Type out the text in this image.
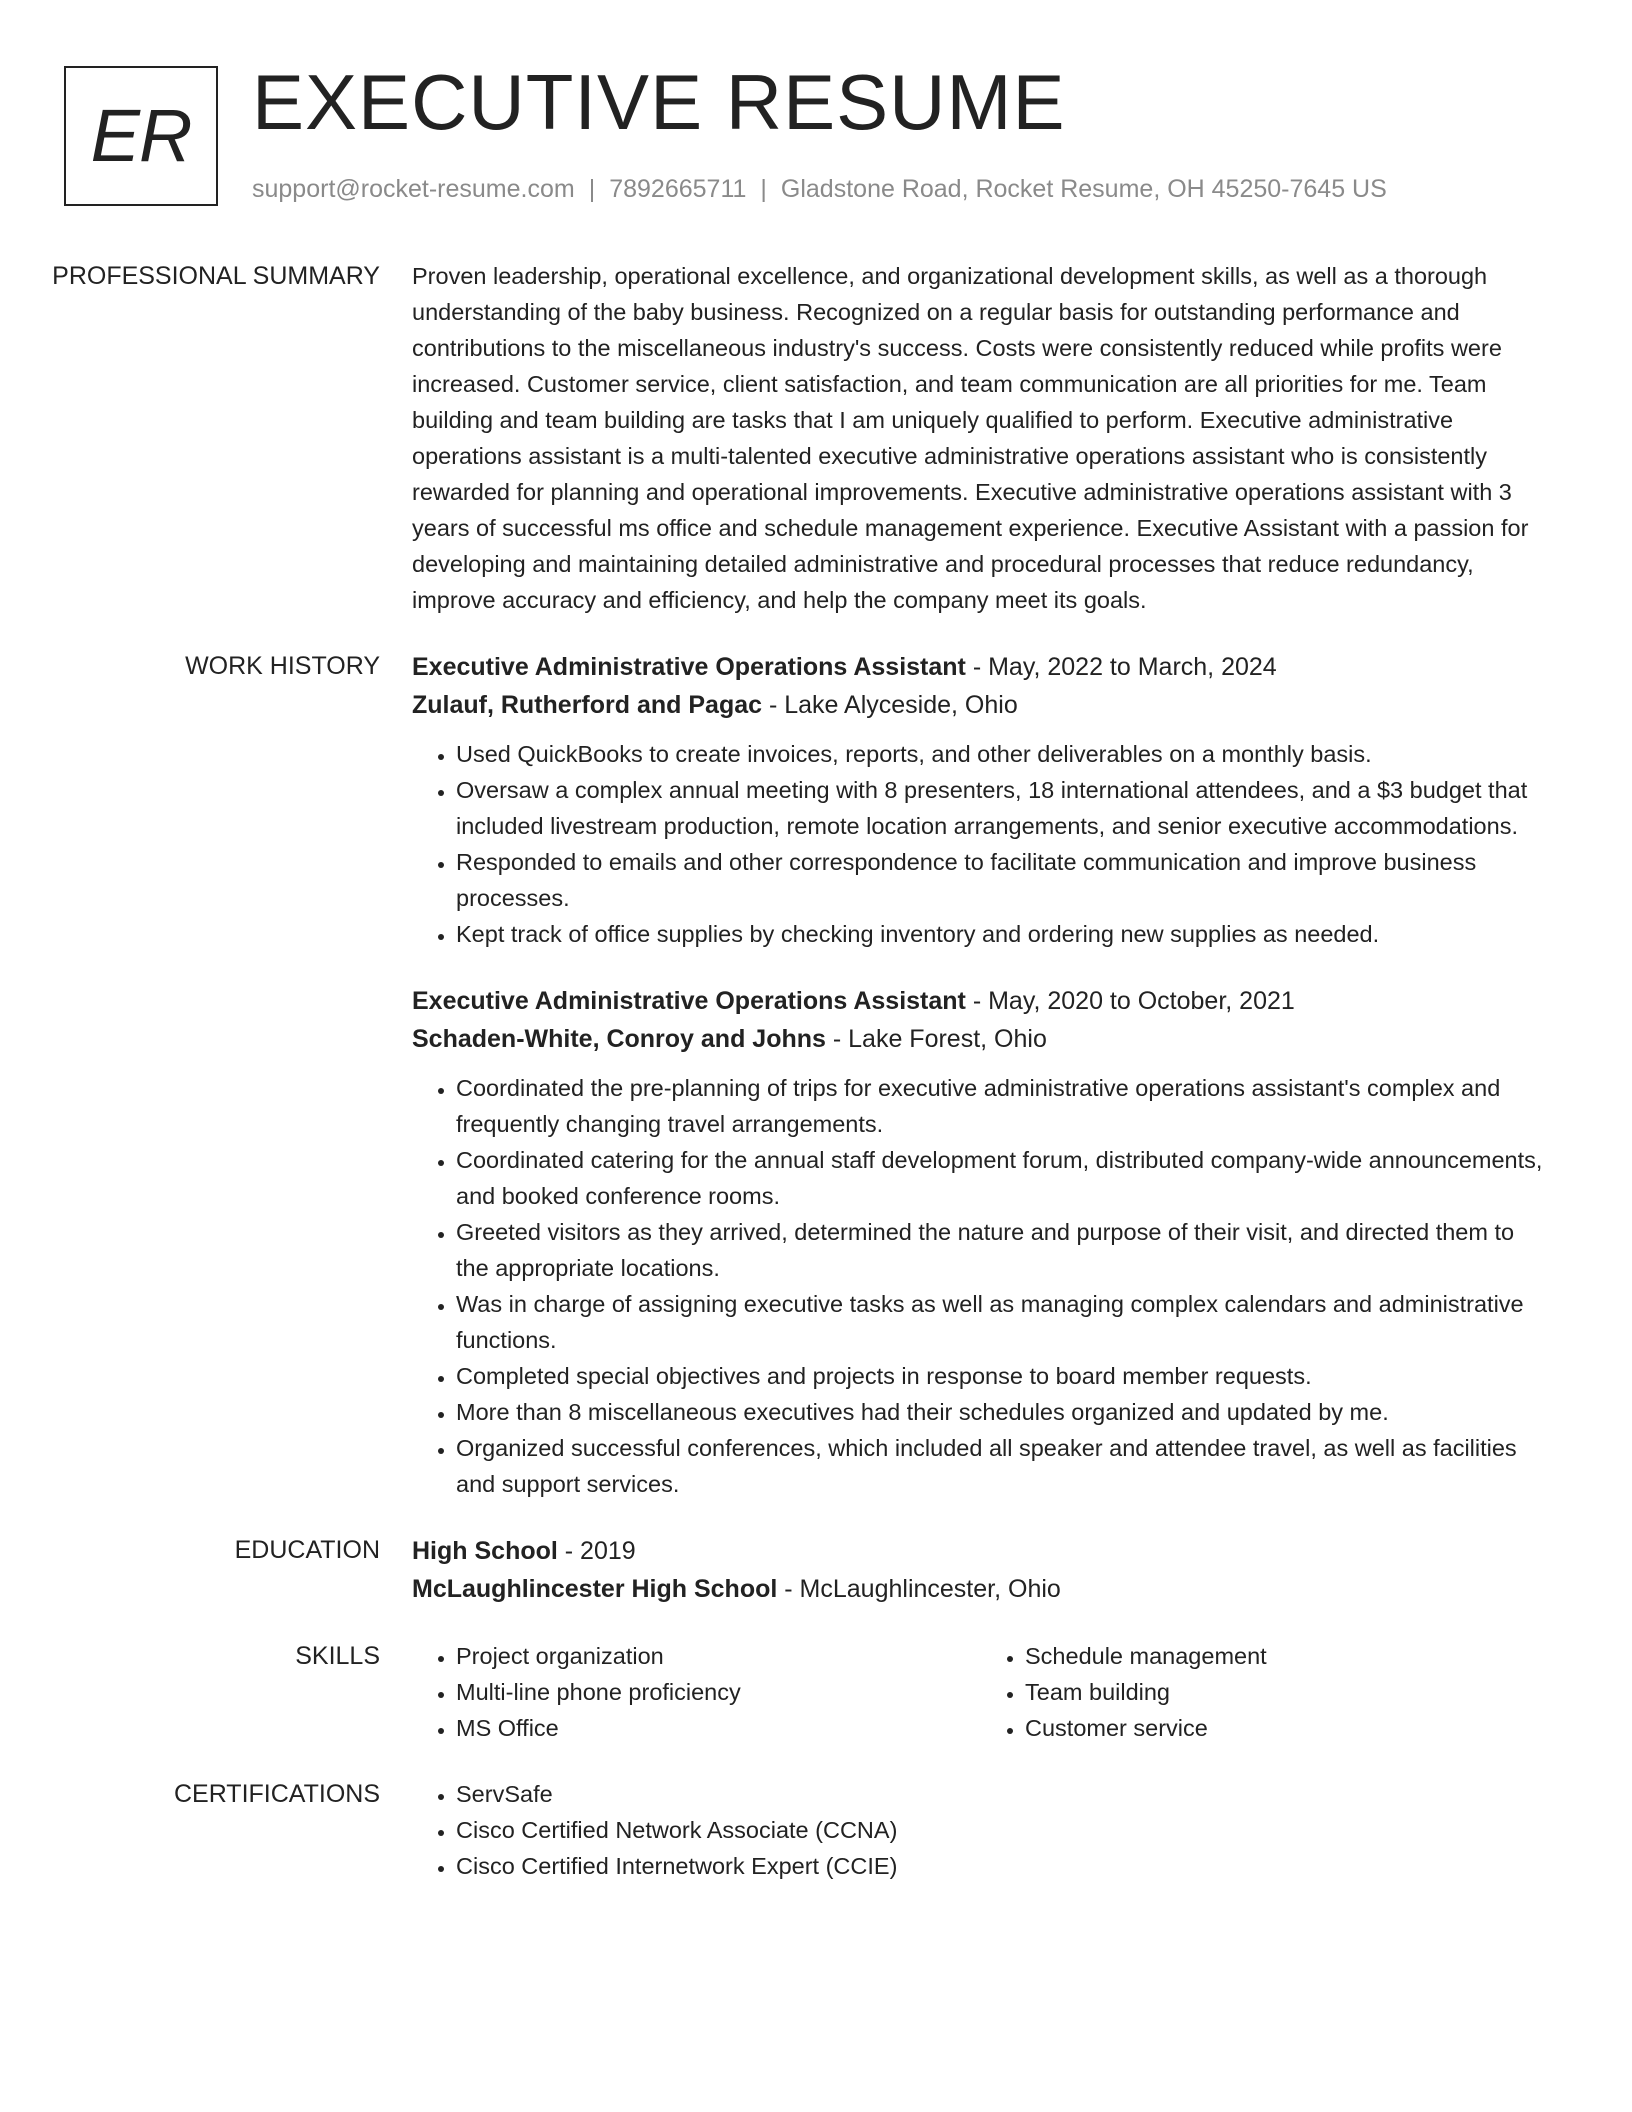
ER EXECUTIVE RESUME
support@rocket-resume.com | 7892665711 | Gladstone Road, Rocket Resume, OH 45250-7645 US
PROFESSIONAL SUMMARY	Proven leadership, operational excellence, and organizational development skills, as well as a thorough understanding of the baby business. Recognized on a regular basis for outstanding performance and contributions to the miscellaneous industry's success. Costs were consistently reduced while profits were increased. Customer service, client satisfaction, and team communication are all priorities for me. Team building and team building are tasks that I am uniquely qualified to perform. Executive administrative operations assistant is a multi-talented executive administrative operations assistant who is consistently rewarded for planning and operational improvements. Executive administrative operations assistant with 3 years of successful ms office and schedule management experience. Executive Assistant with a passion for developing and maintaining detailed administrative and procedural processes that reduce redundancy, improve accuracy and efficiency, and help the company meet its goals.

WORK HISTORY	Executive Administrative Operations Assistant - May, 2022 to March, 2024
Zulauf, Rutherford and Pagac - Lake Alyceside, Ohio
• Used QuickBooks to create invoices, reports, and other deliverables on a monthly basis.
• Oversaw a complex annual meeting with 8 presenters, 18 international attendees, and a $3 budget that included livestream production, remote location arrangements, and senior executive accommodations.
• Responded to emails and other correspondence to facilitate communication and improve business processes.
• Kept track of office supplies by checking inventory and ordering new supplies as needed.
Executive Administrative Operations Assistant - May, 2020 to October, 2021
Schaden-White, Conroy and Johns - Lake Forest, Ohio
• Coordinated the pre-planning of trips for executive administrative operations assistant's complex and frequently changing travel arrangements.
• Coordinated catering for the annual staff development forum, distributed company-wide announcements, and booked conference rooms.
• Greeted visitors as they arrived, determined the nature and purpose of their visit, and directed them to the appropriate locations.
• Was in charge of assigning executive tasks as well as managing complex calendars and administrative functions.
• Completed special objectives and projects in response to board member requests.
• More than 8 miscellaneous executives had their schedules organized and updated by me.
• Organized successful conferences, which included all speaker and attendee travel, as well as facilities and support services.
EDUCATION	High School - 2019
McLaughlincester High School - McLaughlincester, Ohio
SKILLS	• Project organization
• Multi-line phone proficiency
• MS Office
• Schedule management
• Team building
• Customer service
CERTIFICATIONS	• ServSafe
• Cisco Certified Network Associate (CCNA)
• Cisco Certified Internetwork Expert (CCIE)
